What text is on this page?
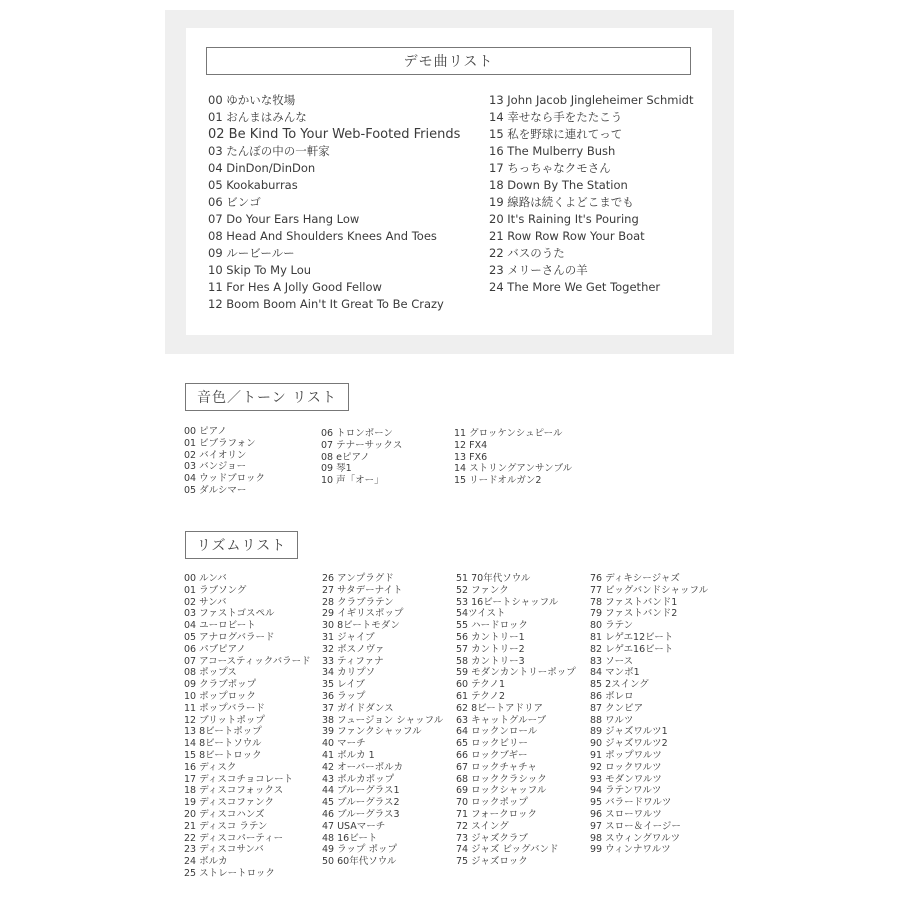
デモ曲リスト
00 ゆかいな牧場
01 おんまはみんな
02 Be Kind To Your Web-Footed Friends
03 たんぼの中の一軒家
04 DinDon/DinDon
05 Kookaburras
06 ビンゴ
07 Do Your Ears Hang Low
08 Head And Shoulders Knees And Toes
09 ルービールー
10 Skip To My Lou
11 For Hes A Jolly Good Fellow
12 Boom Boom Ain't It Great To Be Crazy
13 John Jacob Jingleheimer Schmidt
14 幸せなら手をたたこう
15 私を野球に連れてって
16 The Mulberry Bush
17 ちっちゃなクモさん
18 Down By The Station
19 線路は続くよどこまでも
20 It's Raining It's Pouring
21 Row Row Row Your Boat
22 バスのうた
23 メリーさんの羊
24 The More We Get Together
音色／トーン リスト
00 ピアノ
01 ビブラフォン
02 バイオリン
03 バンジョー
04 ウッドブロック
05 ダルシマー
06 トロンボーン
07 テナーサックス
08 eピアノ
09 琴1
10 声「オー」
11 グロッケンシュピール
12 FX4
13 FX6
14 ストリングアンサンブル
15 リードオルガン2
リズムリスト
00 ルンバ
01 ラブソング
02 サンバ
03 ファストゴスペル
04 ユーロビート
05 アナログバラード
06 パブピアノ
07 アコースティックバラード
08 ポップス
09 クラブポップ
10 ポップロック
11 ポップバラード
12 ブリットポップ
13 8ビートポップ
14 8ビートソウル
15 8ビートロック
16 ディスク
17 ディスコチョコレート
18 ディスコフォックス
19 ディスコファンク
20 ディスコハンズ
21 ディスコ ラテン
22 ディスコパーティー
23 ディスコサンバ
24 ボルカ
25 ストレートロック
26 アンプラグド
27 サタデーナイト
28 クラブラテン
29 イギリスポップ
30 8ビートモダン
31 ジャイブ
32 ボスノヴァ
33 ティファナ
34 カリプソ
35 レイブ
36 ラップ
37 ガイドダンス
38 フュージョン シャッフル
39 ファンクシャッフル
40 マーチ
41 ボルカ 1
42 オーバーボルカ
43 ボルカポップ
44 ブルーグラス1
45 ブルーグラス2
46 ブルーグラス3
47 USAマーチ
48 16ビート
49 ラップ ポップ
50 60年代ソウル
51 70年代ソウル
52 ファンク
53 16ビートシャッフル
54ツイスト
55 ハードロック
56 カントリー1
57 カントリー2
58 カントリー3
59 モダンカントリーポップ
60 テクノ1
61 テクノ2
62 8ビートアドリア
63 キャットグルーブ
64 ロックンロール
65 ロックビリー
66 ロックブギー
67 ロックチャチャ
68 ロッククラシック
69 ロックシャッフル
70 ロックポップ
71 フォークロック
72 スイング
73 ジャズクラブ
74 ジャズ ビッグバンド
75 ジャズロック
76 ディキシージャズ
77 ビッグバンドシャッフル
78 ファストバンド1
79 ファストバンド2
80 ラテン
81 レゲエ12ビート
82 レゲエ16ビート
83 ソース
84 マンボ1
85 2スイング
86 ボレロ
87 クンビア
88 ワルツ
89 ジャズワルツ1
90 ジャズワルツ2
91 ポップワルツ
92 ロックワルツ
93 モダンワルツ
94 ラテンワルツ
95 バラードワルツ
96 スローワルツ
97 スロー＆イージー
98 スウィングワルツ
99 ウィンナワルツ
